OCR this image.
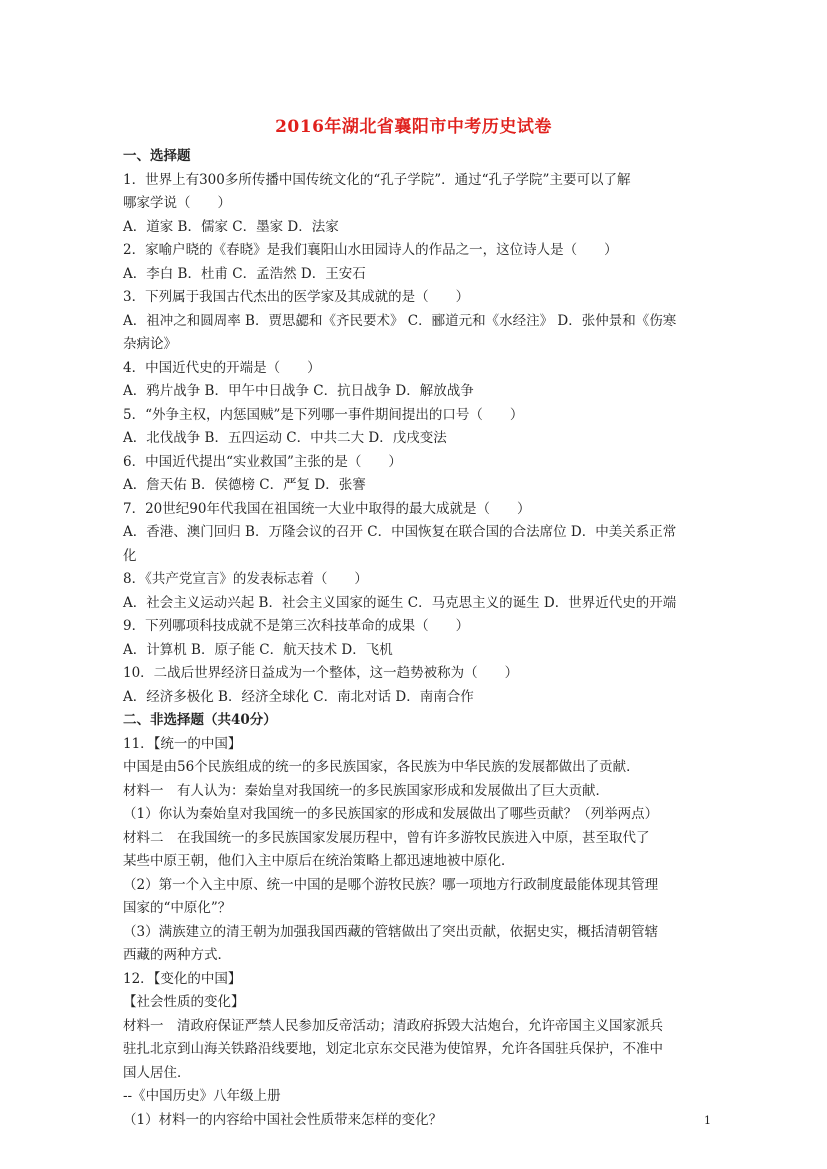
2016年湖北省襄阳市中考历史试卷
一、选择题
1．世界上有300多所传播中国传统文化的“孔子学院”．通过“孔子学院”主要可以了解
哪家学说（　　）
A．道家 B．儒家 C．墨家 D．法家
2．家喻户晓的《春晓》是我们襄阳山水田园诗人的作品之一，这位诗人是（　　）
A．李白 B．杜甫 C．孟浩然 D．王安石
3．下列属于我国古代杰出的医学家及其成就的是（　　）
A．祖冲之和圆周率 B．贾思勰和《齐民要术》 C．郦道元和《水经注》 D．张仲景和《伤寒
杂病论》
4．中国近代史的开端是（　　）
A．鸦片战争 B．甲午中日战争 C．抗日战争 D．解放战争
5．“外争主权，内惩国贼”是下列哪一事件期间提出的口号（　　）
A．北伐战争 B．五四运动 C．中共二大 D．戊戌变法
6．中国近代提出“实业救国”主张的是（　　）
A．詹天佑 B．侯德榜 C．严复 D．张謇
7．20世纪90年代我国在祖国统一大业中取得的最大成就是（　　）
A．香港、澳门回归 B．万隆会议的召开 C．中国恢复在联合国的合法席位 D．中美关系正常
化
8．《共产党宣言》的发表标志着（　　）
A．社会主义运动兴起 B．社会主义国家的诞生 C．马克思主义的诞生 D．世界近代史的开端
9．下列哪项科技成就不是第三次科技革命的成果（　　）
A．计算机 B．原子能 C．航天技术 D．飞机
10．二战后世界经济日益成为一个整体，这一趋势被称为（　　）
A．经济多极化 B．经济全球化 C．南北对话 D．南南合作
二、非选择题（共40分）
11．【统一的中国】
中国是由56个民族组成的统一的多民族国家，各民族为中华民族的发展都做出了贡献．
材料一　有人认为：秦始皇对我国统一的多民族国家形成和发展做出了巨大贡献．
（1）你认为秦始皇对我国统一的多民族国家的形成和发展做出了哪些贡献？（列举两点）
材料二　在我国统一的多民族国家发展历程中，曾有许多游牧民族进入中原，甚至取代了
某些中原王朝，他们入主中原后在统治策略上都迅速地被中原化．
（2）第一个入主中原、统一中国的是哪个游牧民族？哪一项地方行政制度最能体现其管理
国家的“中原化”？
（3）满族建立的清王朝为加强我国西藏的管辖做出了突出贡献，依据史实，概括清朝管辖
西藏的两种方式．
12．【变化的中国】
【社会性质的变化】
材料一　清政府保证严禁人民参加反帝活动；清政府拆毁大沽炮台，允许帝国主义国家派兵
驻扎北京到山海关铁路沿线要地，划定北京东交民港为使馆界，允许各国驻兵保护，不准中
国人居住．
--《中国历史》八年级上册
（1）材料一的内容给中国社会性质带来怎样的变化？	1
